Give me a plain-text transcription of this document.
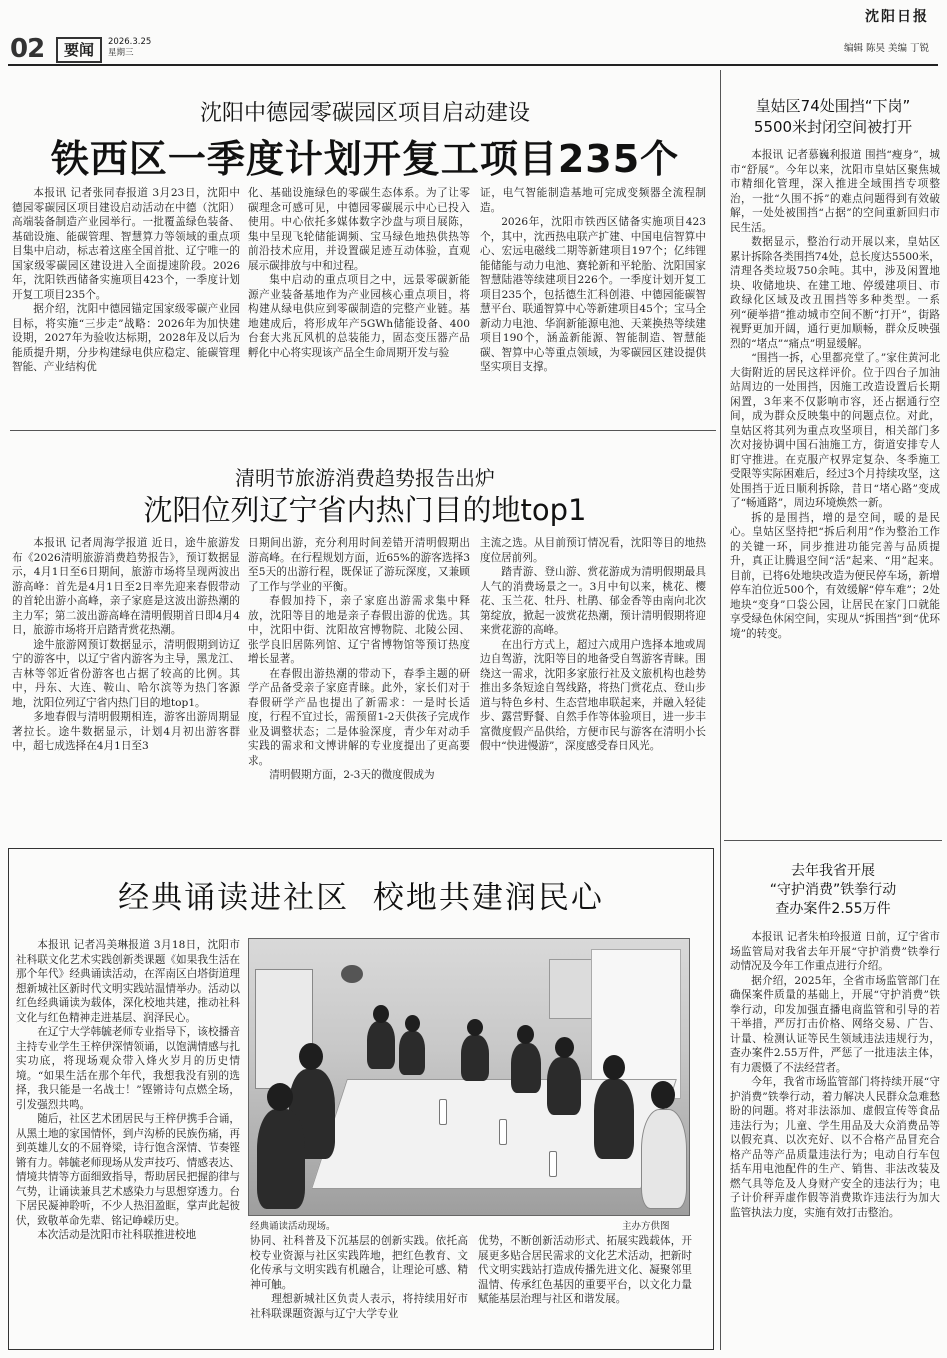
02	要闻	2026.3.25
星期三
沈阳日报
编辑 陈昊 美编 丁锐
沈阳中德园零碳园区项目启动建设
铁西区一季度计划开复工项目235个

本报讯 记者张同春报道 3月23日，沈阳中德园零碳园区项目建设启动活动在中德（沈阳）高端装备制造产业园举行。一批覆盖绿色装备、基础设施、能碳管理、智慧算力等领域的重点项目集中启动，标志着这座全国首批、辽宁唯一的国家级零碳园区建设进入全面提速阶段。2026年，沈阳铁西储备实施项目423个，一季度计划开复工项目235个。

据介绍，沈阳中德园锚定国家级零碳产业园目标，将实施“三步走”战略：2026年为加快建设期，2027年为验收达标期，2028年及以后为能质提升期，分步构建绿电供应稳定、能碳管理智能、产业结构优

化、基础设施绿色的零碳生态体系。为了让零碳理念可感可见，中德园零碳展示中心已投入使用。中心依托多媒体数字沙盘与项目展陈，集中呈现飞轮储能调频、宝马绿色地热供热等前沿技术应用，并设置碳足迹互动体验，直观展示碳排放与中和过程。

集中启动的重点项目之中，远景零碳新能源产业装备基地作为产业园核心重点项目，将构建从绿电供应到零碳制造的完整产业链。基地建成后，将形成年产5GWh储能设备、400台套大兆瓦风机的总装能力，固态变压器产品孵化中心将实现该产品全生命周期开发与验

证，电气智能制造基地可完成变频器全流程制造。

2026年，沈阳市铁西区储备实施项目423个，其中，沈西热电联产扩建、中国电信智算中心、宏远电磁线二期等新建项目197个；亿纬锂能储能与动力电池、赛轮新和平轮胎、沈阳国家智慧陆港等续建项目226个。一季度计划开复工项目235个，包括德生汇科创港、中德园能碳智慧平台、联通智算中心等新建项目45个；宝马全新动力电池、华润新能源电池、天莱换热等续建项目190个，涵盖新能源、智能制造、智慧能碳、智算中心等重点领域，为零碳园区建设提供坚实项目支撑。

清明节旅游消费趋势报告出炉
沈阳位列辽宁省内热门目的地top1

本报讯 记者周海学报道 近日，途牛旅游发布《2026清明旅游消费趋势报告》，预订数据显示，4月1日至6日期间，旅游市场将呈现两波出游高峰：首先是4月1日至2日率先迎来春假带动的首轮出游小高峰，亲子家庭是这波出游热潮的主力军；第二波出游高峰在清明假期首日即4月4日，旅游市场将开启踏青赏花热潮。

途牛旅游网预订数据显示，清明假期到访辽宁的游客中，以辽宁省内游客为主导，黑龙江、吉林等邻近省份游客也占据了较高的比例。其中，丹东、大连、鞍山、哈尔滨等为热门客源地，沈阳位列辽宁省内热门目的地top1。

多地春假与清明假期相连，游客出游周期显著拉长。途牛数据显示，计划4月初出游客群中，超七成选择在4月1日至3

日期间出游，充分利用时间差错开清明假期出游高峰。在行程规划方面，近65%的游客选择3至5天的出游行程，既保证了游玩深度，又兼顾了工作与学业的平衡。

春假加持下，亲子家庭出游需求集中释放，沈阳等目的地是亲子春假出游的优选。其中，沈阳中街、沈阳故宫博物院、北陵公园、张学良旧居陈列馆、辽宁省博物馆等预订热度增长显著。

在春假出游热潮的带动下，春季主题的研学产品备受亲子家庭青睐。此外，家长们对于春假研学产品也提出了新需求：一是时长适度，行程不宜过长，需预留1-2天供孩子完成作业及调整状态；二是体验深度，青少年对动手实践的需求和文博讲解的专业度提出了更高要求。

清明假期方面，2-3天的微度假成为

主流之选。从目前预订情况看，沈阳等目的地热度位居前列。

踏青游、登山游、赏花游成为清明假期最具人气的消费场景之一。3月中旬以来，桃花、樱花、玉兰花、牡丹、杜鹃、郁金香等由南向北次第绽放，掀起一波赏花热潮，预计清明假期将迎来赏花游的高峰。

在出行方式上，超过六成用户选择本地或周边自驾游，沈阳等目的地备受自驾游客青睐。围绕这一需求，沈阳多家旅行社及文旅机构也趁势推出多条短途自驾线路，将热门赏花点、登山步道与特色乡村、生态营地串联起来，并融入轻徒步、露营野餐、自然手作等体验项目，进一步丰富微度假产品供给，方便市民与游客在清明小长假中“快进慢游”，深度感受春日风光。

皇姑区74处围挡“下岗”
5500米封闭空间被打开

本报讯 记者慕巍利报道 围挡“瘦身”，城市“舒展”。今年以来，沈阳市皇姑区聚焦城市精细化管理，深入推进全域围挡专项整治，一批“久围不拆”的难点问题得到有效破解，一处处被围挡“占据”的空间重新回归市民生活。

数据显示，整治行动开展以来，皇姑区累计拆除各类围挡74处，总长度达5500米，清理各类垃圾750余吨。其中，涉及闲置地块、收储地块、在建工地、停缓建项目、市政绿化区域及改丑围挡等多种类型。一系列“硬举措”推动城市空间不断“打开”，街路视野更加开阔，通行更加顺畅，群众反映强烈的“堵点”“痛点”明显缓解。

“围挡一拆，心里都亮堂了。”家住黄河北大街附近的居民这样评价。位于四台子加油站周边的一处围挡，因施工改造设置后长期闲置，3年来不仅影响市容，还占据通行空间，成为群众反映集中的问题点位。对此，皇姑区将其列为重点攻坚项目，相关部门多次对接协调中国石油施工方，街道安排专人盯守推进。在克服产权界定复杂、冬季施工受限等实际困难后，经过3个月持续攻坚，这处围挡于近日顺利拆除，昔日“堵心路”变成了“畅通路”，周边环境焕然一新。

拆的是围挡，增的是空间，暖的是民心。皇姑区坚持把“拆后利用”作为整治工作的关键一环，同步推进功能完善与品质提升，真正让腾退空间“活”起来、“用”起来。目前，已将6处地块改造为便民停车场，新增停车泊位近500个，有效缓解“停车难”；2处地块“变身”口袋公园，让居民在家门口就能享受绿色休闲空间，实现从“拆围挡”到“优环境”的转变。

去年我省开展
“守护消费”铁拳行动
查办案件2.55万件

本报讯 记者朱柏玲报道 日前，辽宁省市场监管局对我省去年开展“守护消费”铁拳行动情况及今年工作重点进行介绍。

据介绍，2025年，全省市场监管部门在确保案件质量的基础上，开展“守护消费”铁拳行动，印发加强直播电商监管和引导的若干举措，严厉打击价格、网络交易、广告、计量、检测认证等民生领域违法违规行为，查办案件2.55万件，严惩了一批违法主体，有力震慑了不法经营者。

今年，我省市场监管部门将持续开展“守护消费”铁拳行动，着力解决人民群众急难愁盼的问题。将对非法添加、虚假宣传等食品违法行为；儿童、学生用品及大众消费品等以假充真、以次充好、以不合格产品冒充合格产品等产品质量违法行为；电动自行车包括车用电池配件的生产、销售、非法改装及燃气具等危及人身财产安全的违法行为；电子计价秤弄虚作假等消费欺诈违法行为加大监管执法力度，实施有效打击整治。

经典诵读进社区  校地共建润民心

本报讯 记者冯美琳报道 3月18日，沈阳市社科联文化艺术实践创新类课题《如果我生活在那个年代》经典诵读活动，在浑南区白塔街道理想新城社区新时代文明实践站温情举办。活动以红色经典诵读为载体，深化校地共建，推动社科文化与红色精神走进基层、润泽民心。

在辽宁大学韩毓老师专业指导下，该校播音主持专业学生王梓伊深情领诵，以饱满情感与扎实功底，将现场观众带入烽火岁月的历史情境。“如果生活在那个年代，我想我没有别的选择，我只能是一名战士！”铿锵诗句点燃全场，引发强烈共鸣。

随后，社区艺术团居民与王梓伊携手合诵，从黑土地的家国情怀，到卢沟桥的民族伤痛，再到英雄儿女的不屈脊梁，诗行饱含深情、节奏铿锵有力。韩毓老师现场从发声技巧、情感表达、情境共情等方面细致指导，帮助居民把握韵律与气势，让诵读兼具艺术感染力与思想穿透力。台下居民凝神聆听，不少人热泪盈眶，掌声此起彼伏，致敬革命先辈、铭记峥嵘历史。

本次活动是沈阳市社科联推进校地

经典诵读活动现场。	主办方供图

协同、社科普及下沉基层的创新实践。依托高校专业资源与社区实践阵地，把红色教育、文化传承与文明实践有机融合，让理论可感、精神可触。

理想新城社区负责人表示，将持续用好市社科联课题资源与辽宁大学专业

优势，不断创新活动形式、拓展实践载体，开展更多贴合居民需求的文化艺术活动，把新时代文明实践站打造成传播先进文化、凝聚邻里温情、传承红色基因的重要平台，以文化力量赋能基层治理与社区和谐发展。
